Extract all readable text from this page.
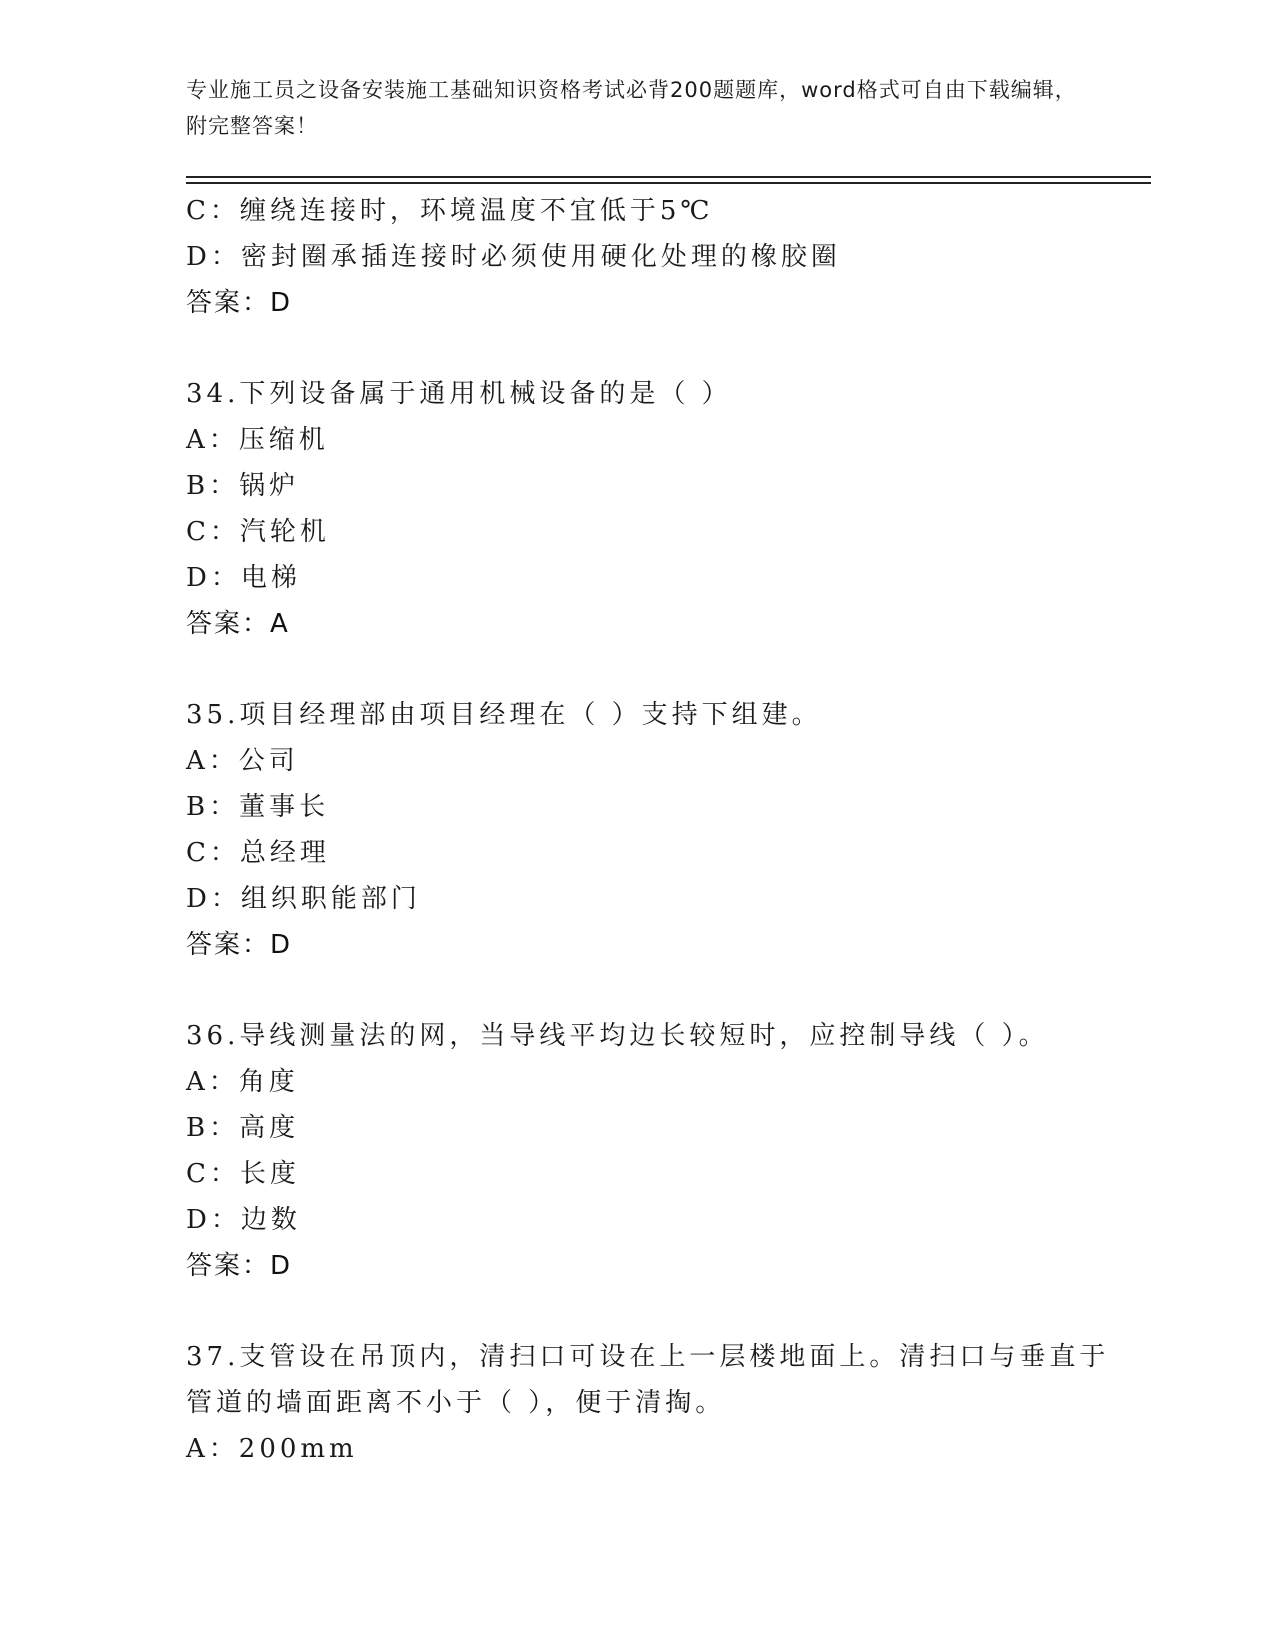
专业施工员之设备安装施工基础知识资格考试必背200题题库，word格式可自由下载编辑，附完整答案！
C：缠绕连接时，环境温度不宜低于5℃
D：密封圈承插连接时必须使用硬化处理的橡胶圈
答案：D
34.下列设备属于通用机械设备的是（ ）
A：压缩机
B：锅炉
C：汽轮机
D：电梯
答案：A
35.项目经理部由项目经理在（ ）支持下组建。
A：公司
B：董事长
C：总经理
D：组织职能部门
答案：D
36.导线测量法的网，当导线平均边长较短时，应控制导线（ ）。
A：角度
B：高度
C：长度
D：边数
答案：D
37.支管设在吊顶内，清扫口可设在上一层楼地面上。清扫口与垂直于
管道的墙面距离不小于（ ），便于清掏。
A：200mm
